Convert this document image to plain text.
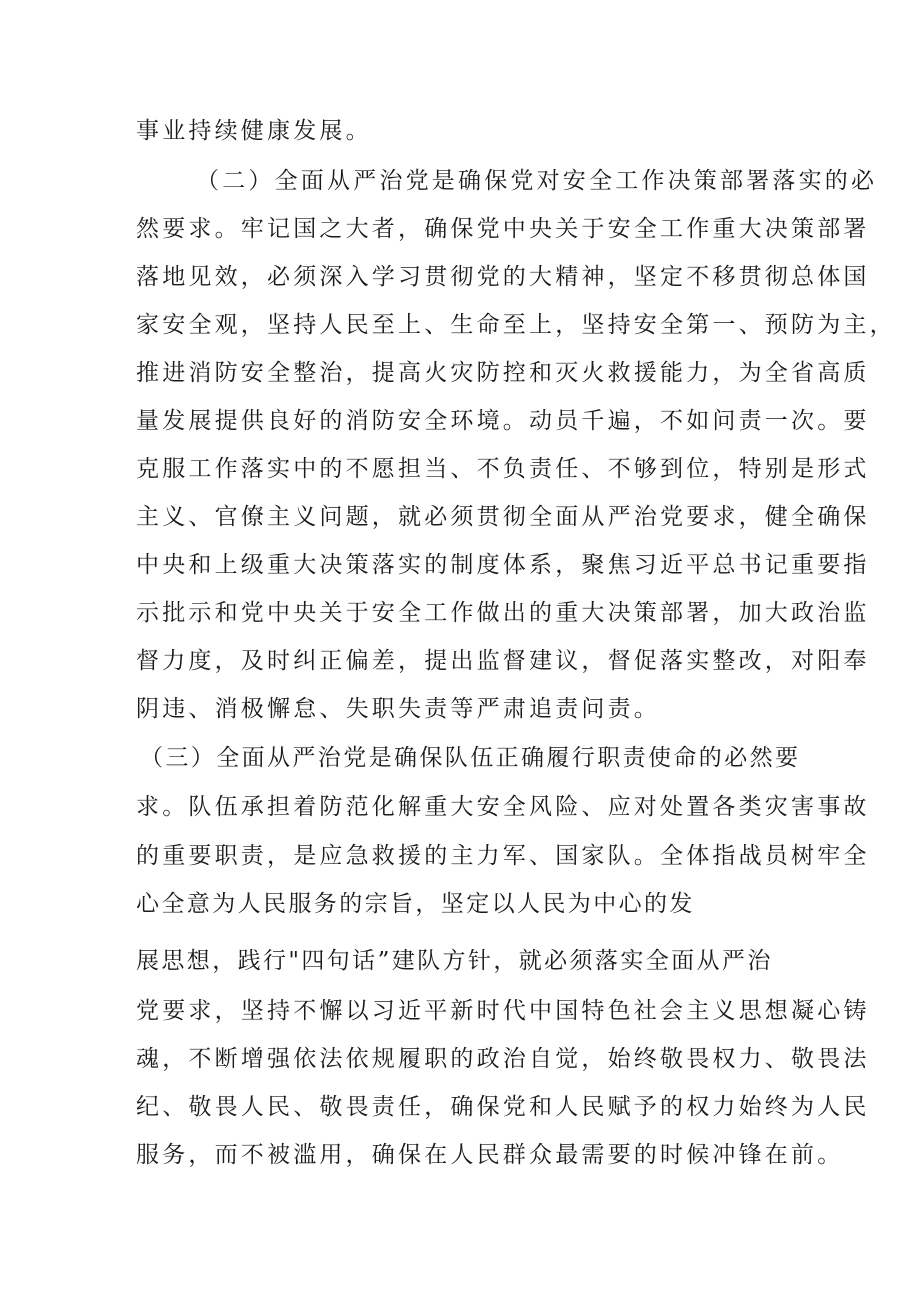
事业持续健康发展。
（二）全面从严治党是确保党对安全工作决策部署落实的必
然要求。牢记国之大者，确保党中央关于安全工作重大决策部署
落地见效，必须深入学习贯彻党的大精神，坚定不移贯彻总体国
家安全观，坚持人民至上、生命至上，坚持安全第一、预防为主，
推进消防安全整治，提高火灾防控和灭火救援能力，为全省高质
量发展提供良好的消防安全环境。动员千遍，不如问责一次。要
克服工作落实中的不愿担当、不负责任、不够到位，特别是形式
主义、官僚主义问题，就必须贯彻全面从严治党要求，健全确保
中央和上级重大决策落实的制度体系，聚焦习近平总书记重要指
示批示和党中央关于安全工作做出的重大决策部署，加大政治监
督力度，及时纠正偏差，提出监督建议，督促落实整改，对阳奉
阴违、消极懈怠、失职失责等严肃追责问责。
（三）全面从严治党是确保队伍正确履行职责使命的必然要
求。队伍承担着防范化解重大安全风险、应对处置各类灾害事故
的重要职责，是应急救援的主力军、国家队。全体指战员树牢全
心全意为人民服务的宗旨，坚定以人民为中心的发
展思想，践行"四句话”建队方针，就必须落实全面从严治
党要求，坚持不懈以习近平新时代中国特色社会主义思想凝心铸
魂，不断增强依法依规履职的政治自觉，始终敬畏权力、敬畏法
纪、敬畏人民、敬畏责任，确保党和人民赋予的权力始终为人民
服务，而不被滥用，确保在人民群众最需要的时候冲锋在前。
